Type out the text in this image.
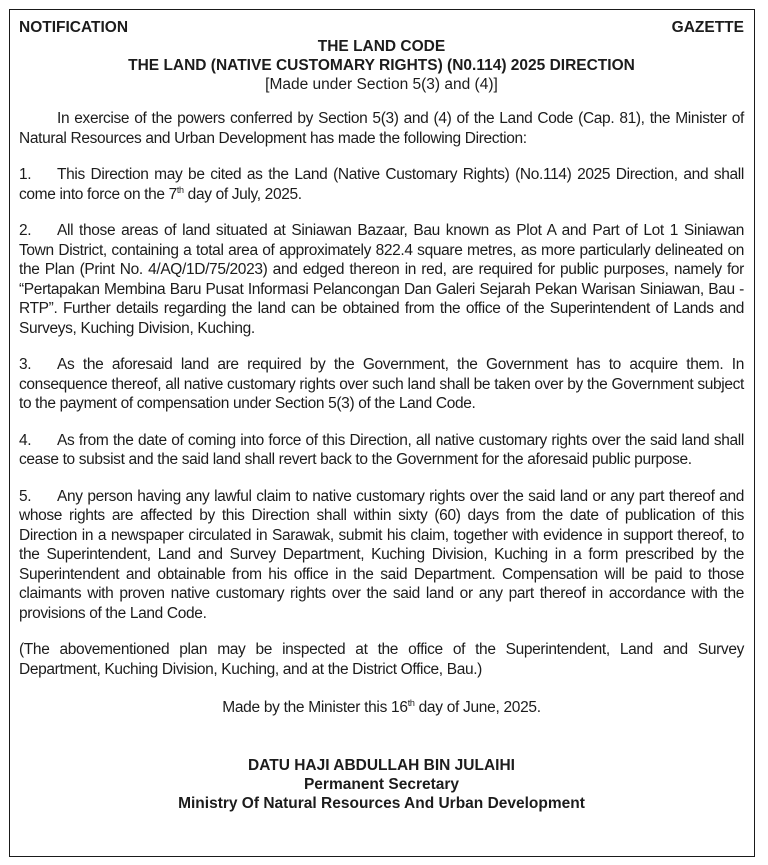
NOTIFICATION	GAZETTE
THE LAND CODE
THE LAND (NATIVE CUSTOMARY RIGHTS) (N0.114) 2025 DIRECTION
[Made under Section 5(3) and (4)]

In exercise of the powers conferred by Section 5(3) and (4) of the Land Code (Cap. 81), the Minister of Natural Resources and Urban Development has made the following Direction:

1. This Direction may be cited as the Land (Native Customary Rights) (No.114) 2025 Direction, and shall come into force on the 7th day of July, 2025.

2. All those areas of land situated at Siniawan Bazaar, Bau known as Plot A and Part of Lot 1 Siniawan Town District, containing a total area of approximately 822.4 square metres, as more particularly delineated on the Plan (Print No. 4/AQ/1D/75/2023) and edged thereon in red, are required for public purposes, namely for “Pertapakan Membina Baru Pusat Informasi Pelancongan Dan Galeri Sejarah Pekan Warisan Siniawan, Bau - RTP”. Further details regarding the land can be obtained from the office of the Superintendent of Lands and Surveys, Kuching Division, Kuching.

3. As the aforesaid land are required by the Government, the Government has to acquire them. In consequence thereof, all native customary rights over such land shall be taken over by the Government subject to the payment of compensation under Section 5(3) of the Land Code.

4. As from the date of coming into force of this Direction, all native customary rights over the said land shall cease to subsist and the said land shall revert back to the Government for the aforesaid public purpose.

5. Any person having any lawful claim to native customary rights over the said land or any part thereof and whose rights are affected by this Direction shall within sixty (60) days from the date of publication of this Direction in a newspaper circulated in Sarawak, submit his claim, together with evidence in support thereof, to the Superintendent, Land and Survey Department, Kuching Division, Kuching in a form prescribed by the Superintendent and obtainable from his office in the said Department. Compensation will be paid to those claimants with proven native customary rights over the said land or any part thereof in accordance with the provisions of the Land Code.

(The abovementioned plan may be inspected at the office of the Superintendent, Land and Survey Department, Kuching Division, Kuching, and at the District Office, Bau.)

Made by the Minister this 16th day of June, 2025.
DATU HAJI ABDULLAH BIN JULAIHI
Permanent Secretary
Ministry Of Natural Resources And Urban Development
